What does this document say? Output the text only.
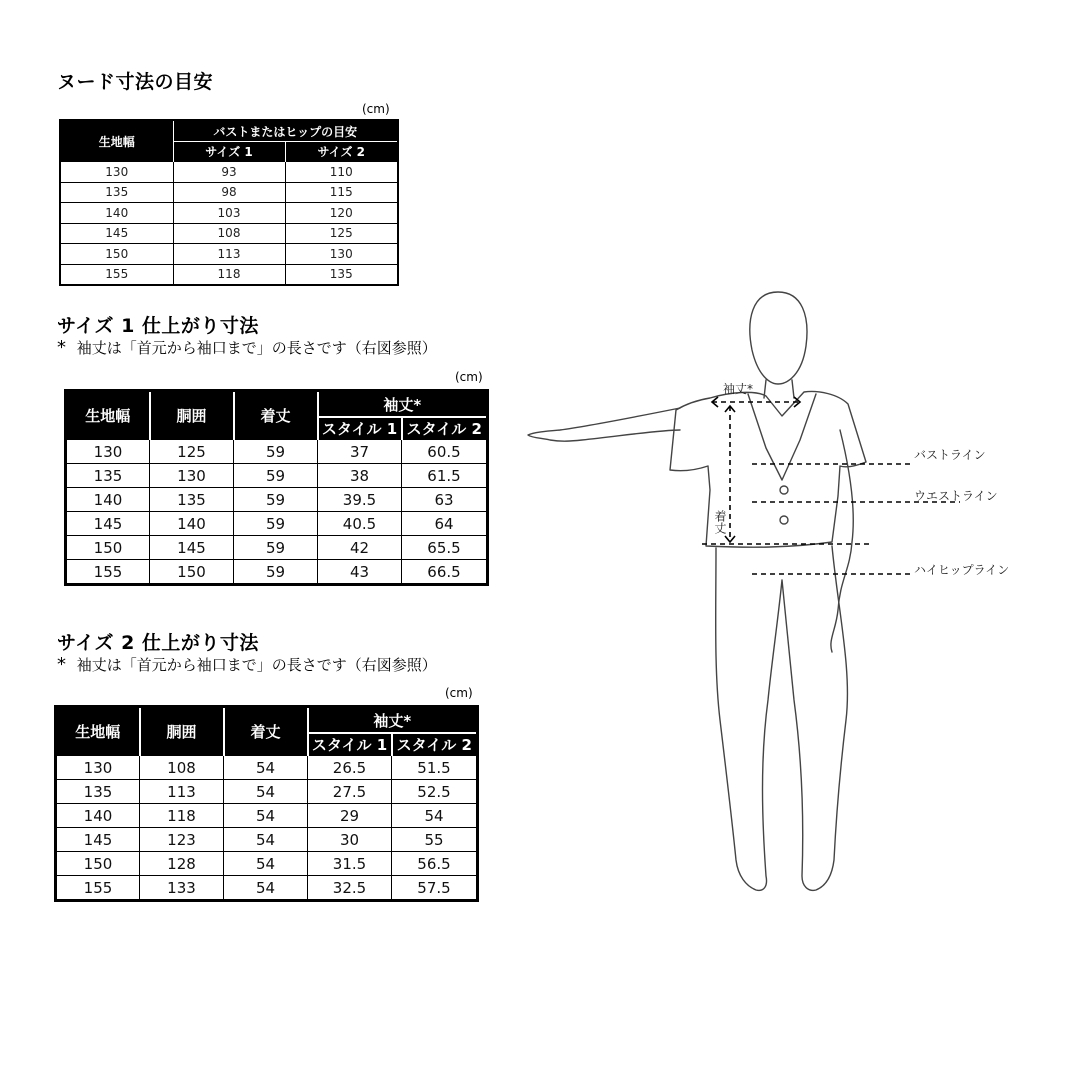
ヌード寸法の目安
(cm)
生地幅	バストまたはヒップの目安	
	サイズ 1	サイズ 2
130	93	110
135	98	115
140	103	120
145	108	125
150	113	130
155	118	135
サイズ 1 仕上がり寸法
* 袖丈は「首元から袖口まで」の長さです（右図参照）
(cm)
生地幅	胴囲	着丈	袖丈*	
			スタイル 1	スタイル 2
130	125	59	37	60.5
135	130	59	38	61.5
140	135	59	39.5	63
145	140	59	40.5	64
150	145	59	42	65.5
155	150	59	43	66.5
サイズ 2 仕上がり寸法
* 袖丈は「首元から袖口まで」の長さです（右図参照）
(cm)
生地幅	胴囲	着丈	袖丈*	
			スタイル 1	スタイル 2
130	108	54	26.5	51.5
135	113	54	27.5	52.5
140	118	54	29	54
145	123	54	30	55
150	128	54	31.5	56.5
155	133	54	32.5	57.5
袖丈*
着丈
バストライン
ウエストライン
ハイヒップライン
